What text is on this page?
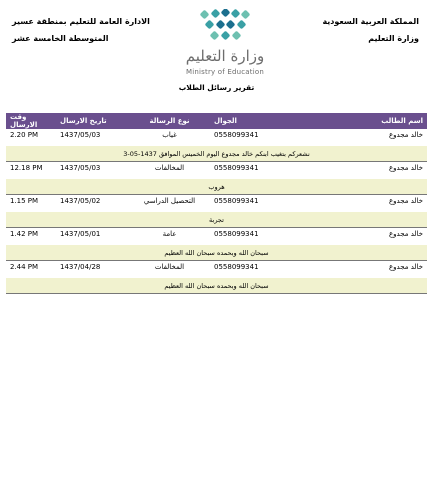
المملكة العربية السعودية
وزارة التعليم
وزارة التعليم
Ministry of Education
الادارة العامة للتعليم بمنطقة عسير
المتوسطة الخامسة عشر
تقرير رسائل الطلاب
وقت الارسال	تاريخ الارسال	نوع الرسالة	الجوال	اسم الطالب
2.20 PM	1437/05/03	غياب	0558099341	خالد مجدوع
نشعركم بتغيب ابنكم خالد مجدوع اليوم الخميس الموافق 1437-05-3				
12.18 PM	1437/05/03	المخالفات	0558099341	خالد مجدوع
هروب				
1.15 PM	1437/05/02	التحصيل الدراسي	0558099341	خالد مجدوع
تجربة				
1.42 PM	1437/05/01	عامة	0558099341	خالد مجدوع
سبحان الله وبحمده سبحان الله العظيم				
2.44 PM	1437/04/28	المخالفات	0558099341	خالد مجدوع
سبحان الله وبحمده سبحان الله العظيم				
